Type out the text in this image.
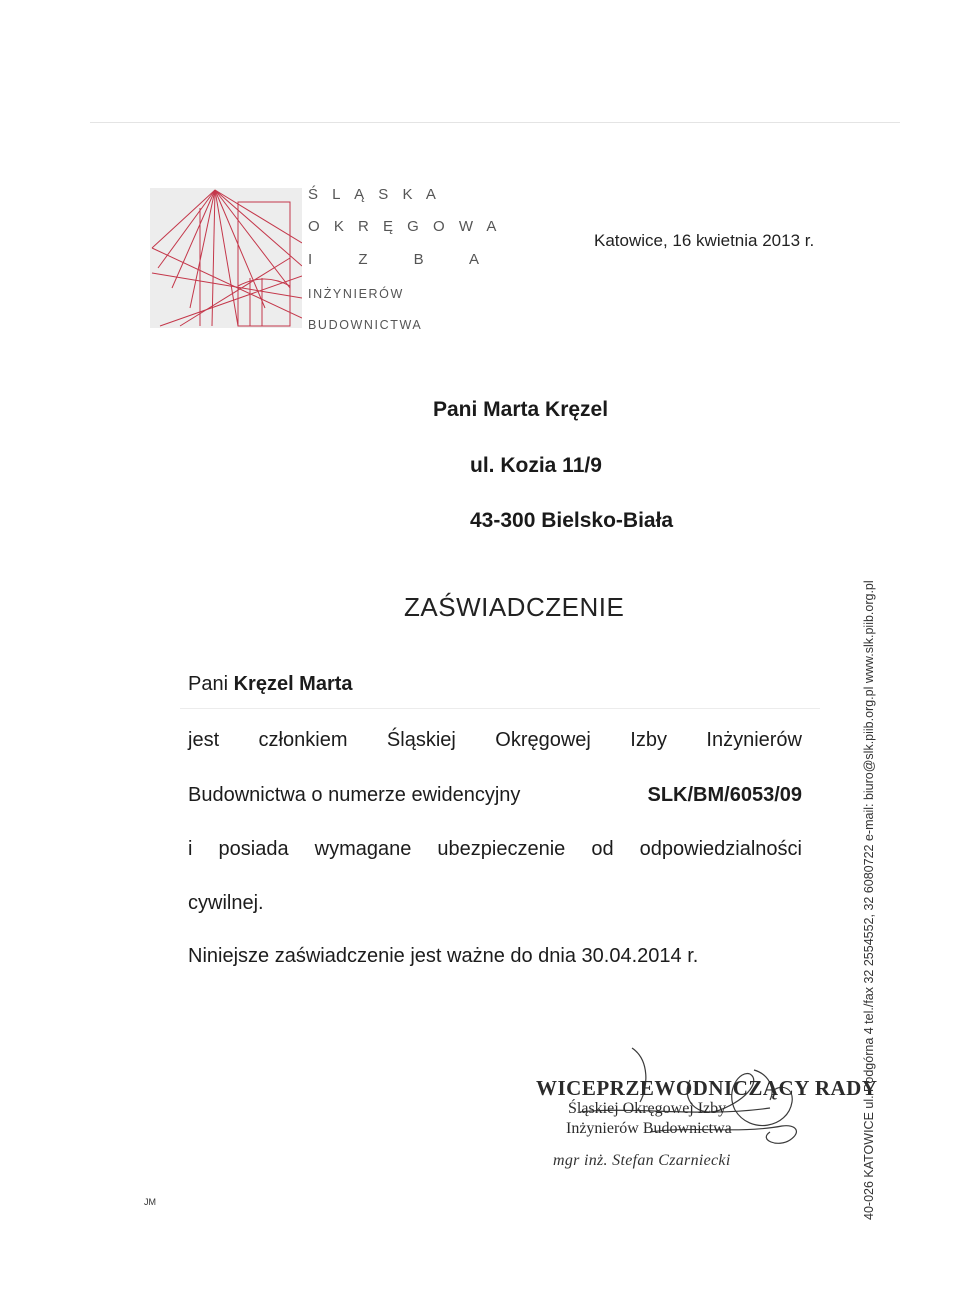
Ś L Ą S K A
O K R Ę G O W A
I Z B A
INŻYNIERÓW
BUDOWNICTWA
Katowice, 16 kwietnia 2013 r.
Pani Marta Kręzel
ul. Kozia 11/9
43-300 Bielsko-Biała
ZAŚWIADCZENIE
Pani Kręzel Marta
jest członkiem Śląskiej Okręgowej Izby Inżynierów
Budownictwa o numerze ewidencyjny	SLK/BM/6053/09
i posiada wymagane ubezpieczenie od odpowiedzialności
cywilnej.
Niniejsze zaświadczenie jest ważne do dnia 30.04.2014 r.
WICEPRZEWODNICZĄCY RADY
Śląskiej Okręgowej Izby
Inżynierów Budownictwa
mgr inż. Stefan Czarniecki	40-026 KATOWICE ul. Podgórna 4 tel./fax 32 2554552, 32 6080722 e-mail: biuro@slk.piib.org.pl www.slk.piib.org.pl
JM
